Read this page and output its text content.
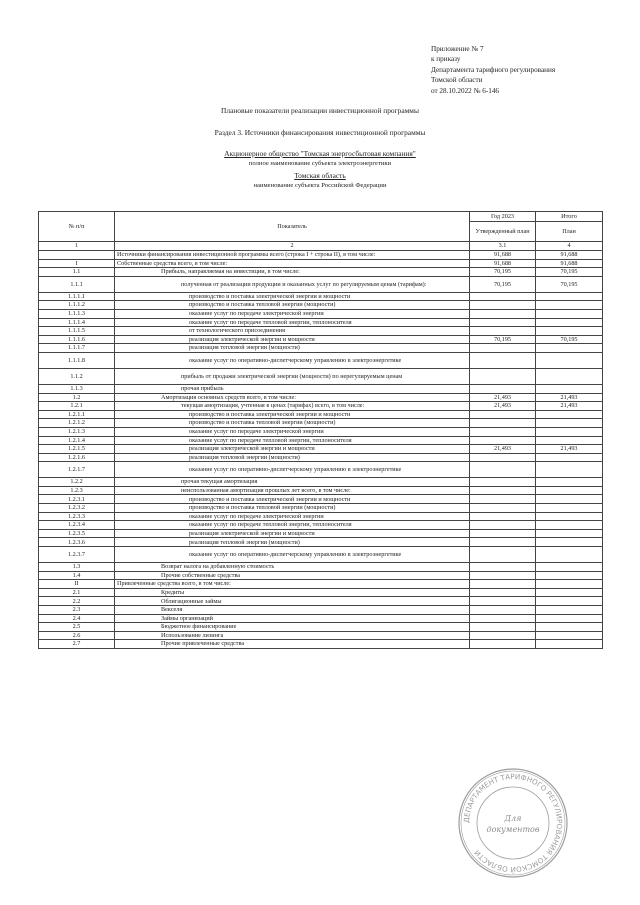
Приложение № 7
к приказу
Департамента тарифного регулирования
Томской области
от 28.10.2022 № 6-146
Плановые показатели реализации инвестиционной программы
Раздел 3. Источники финансирования инвестиционной программы
Акционерное общество "Томская энергосбытовая компания"
полное наименование субъекта электроэнергетики
Томская область
наименование субъекта Российской Федерации
№ п/п	Показатель	Год 2023	Итого
		Утвержденный план	План
1	2	3.1	4
	Источники финансирования инвестиционной программы всего (строка I + строка II), в том числе:	91,688	91,688
I	Собственные средства всего, в том числе:	91,688	91,688
1.1	Прибыль, направляемая на инвестиции, в том числе:	70,195	70,195
1.1.1	полученная от реализации продукции и оказанных услуг по регулируемым ценам (тарифам):	70,195	70,195
1.1.1.1	производство и поставка электрической энергии и мощности		
1.1.1.2	производство и поставка тепловой энергии (мощности)		
1.1.1.3	оказание услуг по передаче электрической энергии		
1.1.1.4	оказание услуг по передаче тепловой энергии, теплоносителя		
1.1.1.5	от технологического присоединения		
1.1.1.6	реализация электрической энергии и мощности	70,195	70,195
1.1.1.7	реализация тепловой энергии (мощности)		
1.1.1.8	оказание услуг по оперативно-диспетчерскому управлению в электроэнергетике		
1.1.2	прибыль от продажи электрической энергии (мощности) по нерегулируемым ценам		
1.1.3	прочая прибыль		
1.2	Амортизация основных средств всего, в том числе:	21,493	21,493
1.2.1	текущая амортизация, учтенная в ценах (тарифах) всего, в том числе:	21,493	21,493
1.2.1.1	производство и поставка электрической энергии и мощности		
1.2.1.2	производство и поставка тепловой энергии (мощности)		
1.2.1.3	оказание услуг по передаче электрической энергии		
1.2.1.4	оказание услуг по передаче тепловой энергии, теплоносителя		
1.2.1.5	реализация электрической энергии и мощности	21,493	21,493
1.2.1.6	реализация тепловой энергии (мощности)		
1.2.1.7	оказание услуг по оперативно-диспетчерскому управлению в электроэнергетике		
1.2.2	прочая текущая амортизация		
1.2.3	неиспользованная амортизация прошлых лет всего, в том числе:		
1.2.3.1	производство и поставка электрической энергии и мощности		
1.2.3.2	производство и поставка тепловой энергии (мощности)		
1.2.3.3	оказание услуг по передаче электрической энергии		
1.2.3.4	оказание услуг по передаче тепловой энергии, теплоносителя		
1.2.3.5	реализация электрической энергии и мощности		
1.2.3.6	реализация тепловой энергии (мощности)		
1.2.3.7	оказание услуг по оперативно-диспетчерскому управлению в электроэнергетике		
1.3	Возврат налога на добавленную стоимость		
1.4	Прочие собственные средства		
II	Привлеченные средства всего, в том числе:		
2.1	Кредиты		
2.2	Облигационные займы		
2.3	Векселя		
2.4	Займы организаций		
2.5	Бюджетное финансирование		
2.6	Использование лизинга		
2.7	Прочие привлеченные средства		
ДЕПАРТАМЕНТ ТАРИФНОГО РЕГУЛИРОВАНИЯ ТОМСКОЙ ОБЛАСТИ
Для
документов
